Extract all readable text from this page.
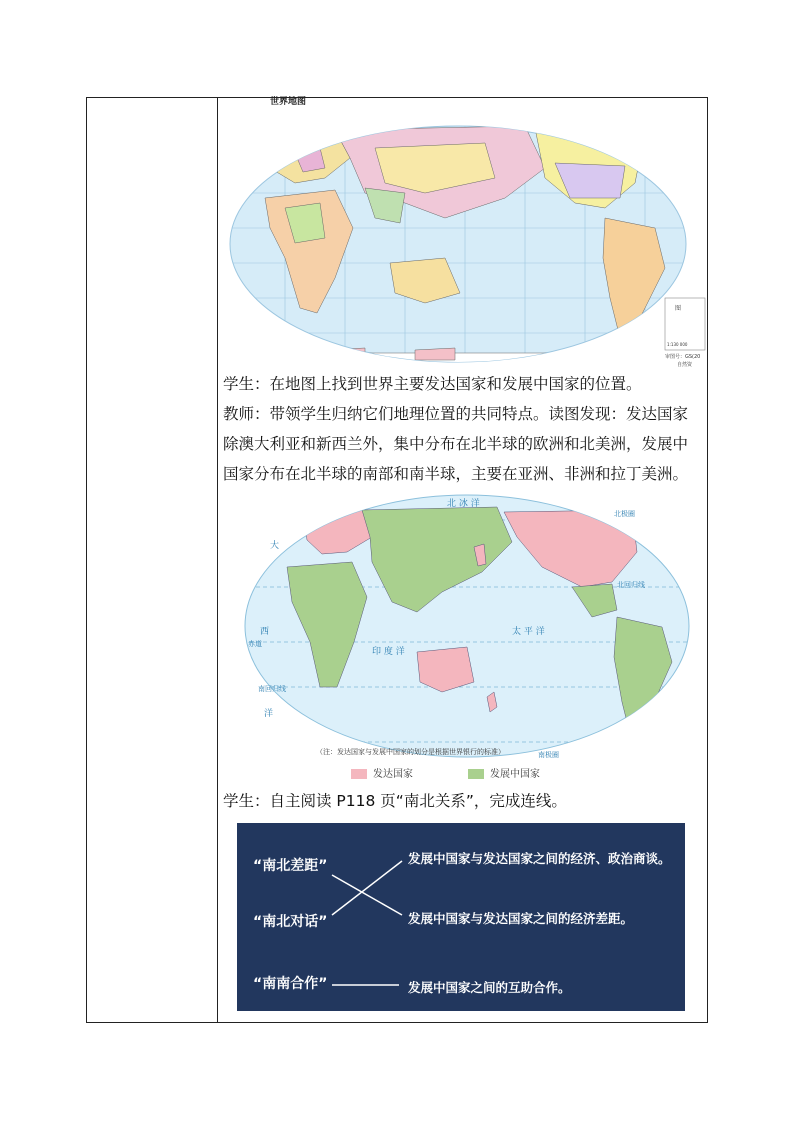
世界地图
图
1:130 000
审图号：GS(20
自然资
学生：在地图上找到世界主要发达国家和发展中国家的位置。
教师：带领学生归纳它们地理位置的共同特点。读图发现：发达国家
除澳大利亚和新西兰外，集中分布在北半球的欧洲和北美洲，发展中
国家分布在北半球的南部和南半球，主要在亚洲、非洲和拉丁美洲。
北 冰 洋
大
西
洋
太 平 洋
印 度 洋
北回归线
南回归线
北极圈
赤道
南极圈
（注：发达国家与发展中国家的划分是根据世界银行的标准）
发达国家	发展中国家
学生：自主阅读 P118 页“南北关系”，完成连线。
“南北差距”
“南北对话”
“南南合作”
发展中国家与发达国家之间的经济、政治商谈。
发展中国家与发达国家之间的经济差距。
发展中国家之间的互助合作。
